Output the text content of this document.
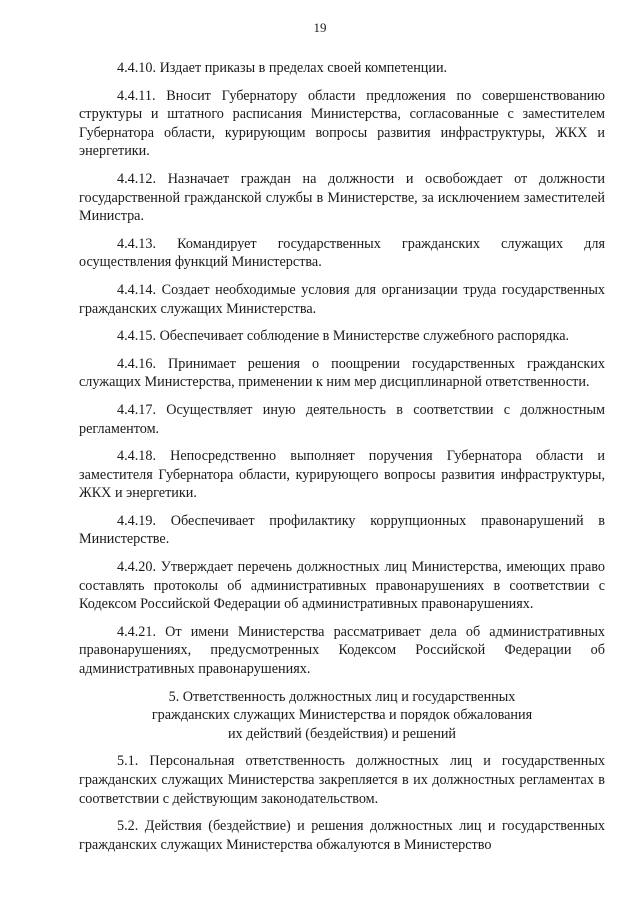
19

4.4.10. Издает приказы в пределах своей компетенции.

4.4.11. Вносит Губернатору области предложения по совершенствованию структуры и штатного расписания Министерства, согласованные с заместителем Губернатора области, курирующим вопросы развития инфраструктуры, ЖКХ и энергетики.

4.4.12. Назначает граждан на должности и освобождает от должности государственной гражданской службы в Министерстве, за исключением заместителей Министра.

4.4.13. Командирует государственных гражданских служащих для осуществления функций Министерства.

4.4.14. Создает необходимые условия для организации труда государственных гражданских служащих Министерства.

4.4.15. Обеспечивает соблюдение в Министерстве служебного распорядка.

4.4.16. Принимает решения о поощрении государственных гражданских служащих Министерства, применении к ним мер дисциплинарной ответственности.

4.4.17. Осуществляет иную деятельность в соответствии с должностным регламентом.

4.4.18. Непосредственно выполняет поручения Губернатора области и заместителя Губернатора области, курирующего вопросы развития инфраструктуры, ЖКХ и энергетики.

4.4.19. Обеспечивает профилактику коррупционных правонарушений в Министерстве.

4.4.20. Утверждает перечень должностных лиц Министерства, имеющих право составлять протоколы об административных правонарушениях в соответствии с Кодексом Российской Федерации об административных правонарушениях.

4.4.21. От имени Министерства рассматривает дела об административных правонарушениях, предусмотренных Кодексом Российской Федерации об административных правонарушениях.

5. Ответственность должностных лиц и государственных
гражданских служащих Министерства и порядок обжалования
их действий (бездействия) и решений

5.1. Персональная ответственность должностных лиц и государственных гражданских служащих Министерства закрепляется в их должностных регламентах в соответствии с действующим законодательством.

5.2. Действия (бездействие) и решения должностных лиц и государственных гражданских служащих Министерства обжалуются в Министерство
